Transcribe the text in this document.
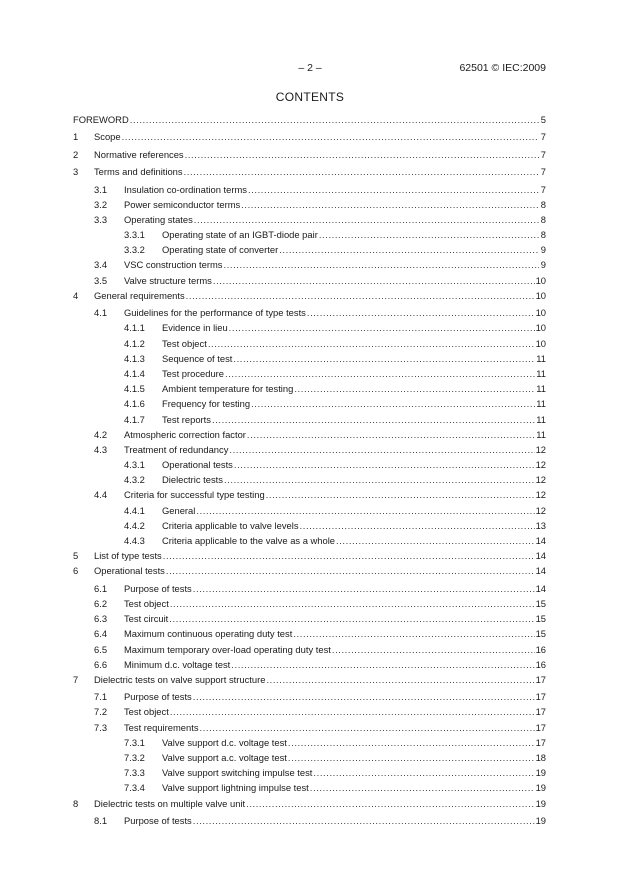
– 2 –	62501 © IEC:2009
CONTENTS
FOREWORD .....	5
1	Scope .....	7
2	Normative references .....	7
3	Terms and definitions .....	7
3.1	Insulation co-ordination terms .....	7
3.2	Power semiconductor terms .....	8
3.3	Operating states .....	8
3.3.1	Operating state of an IGBT-diode pair .....	8
3.3.2	Operating state of converter .....	9
3.4	VSC construction terms .....	9
3.5	Valve structure terms .....	10
4	General requirements .....	10
4.1	Guidelines for the performance of type tests .....	10
4.1.1	Evidence in lieu .....	10
4.1.2	Test object .....	10
4.1.3	Sequence of test .....	11
4.1.4	Test procedure .....	11
4.1.5	Ambient temperature for testing .....	11
4.1.6	Frequency for testing .....	11
4.1.7	Test reports .....	11
4.2	Atmospheric correction factor .....	11
4.3	Treatment of redundancy .....	12
4.3.1	Operational tests .....	12
4.3.2	Dielectric tests .....	12
4.4	Criteria for successful type testing .....	12
4.4.1	General .....	12
4.4.2	Criteria applicable to valve levels .....	13
4.4.3	Criteria applicable to the valve as a whole .....	14
5	List of type tests .....	14
6	Operational tests .....	14
6.1	Purpose of tests .....	14
6.2	Test object .....	15
6.3	Test circuit .....	15
6.4	Maximum continuous operating duty test .....	15
6.5	Maximum temporary over-load operating duty test .....	16
6.6	Minimum d.c. voltage test .....	16
7	Dielectric tests on valve support structure .....	17
7.1	Purpose of tests .....	17
7.2	Test object .....	17
7.3	Test requirements .....	17
7.3.1	Valve support d.c. voltage test .....	17
7.3.2	Valve support a.c. voltage test .....	18
7.3.3	Valve support switching impulse test .....	19
7.3.4	Valve support lightning impulse test .....	19
8	Dielectric tests on multiple valve unit .....	19
8.1	Purpose of tests .....	19
